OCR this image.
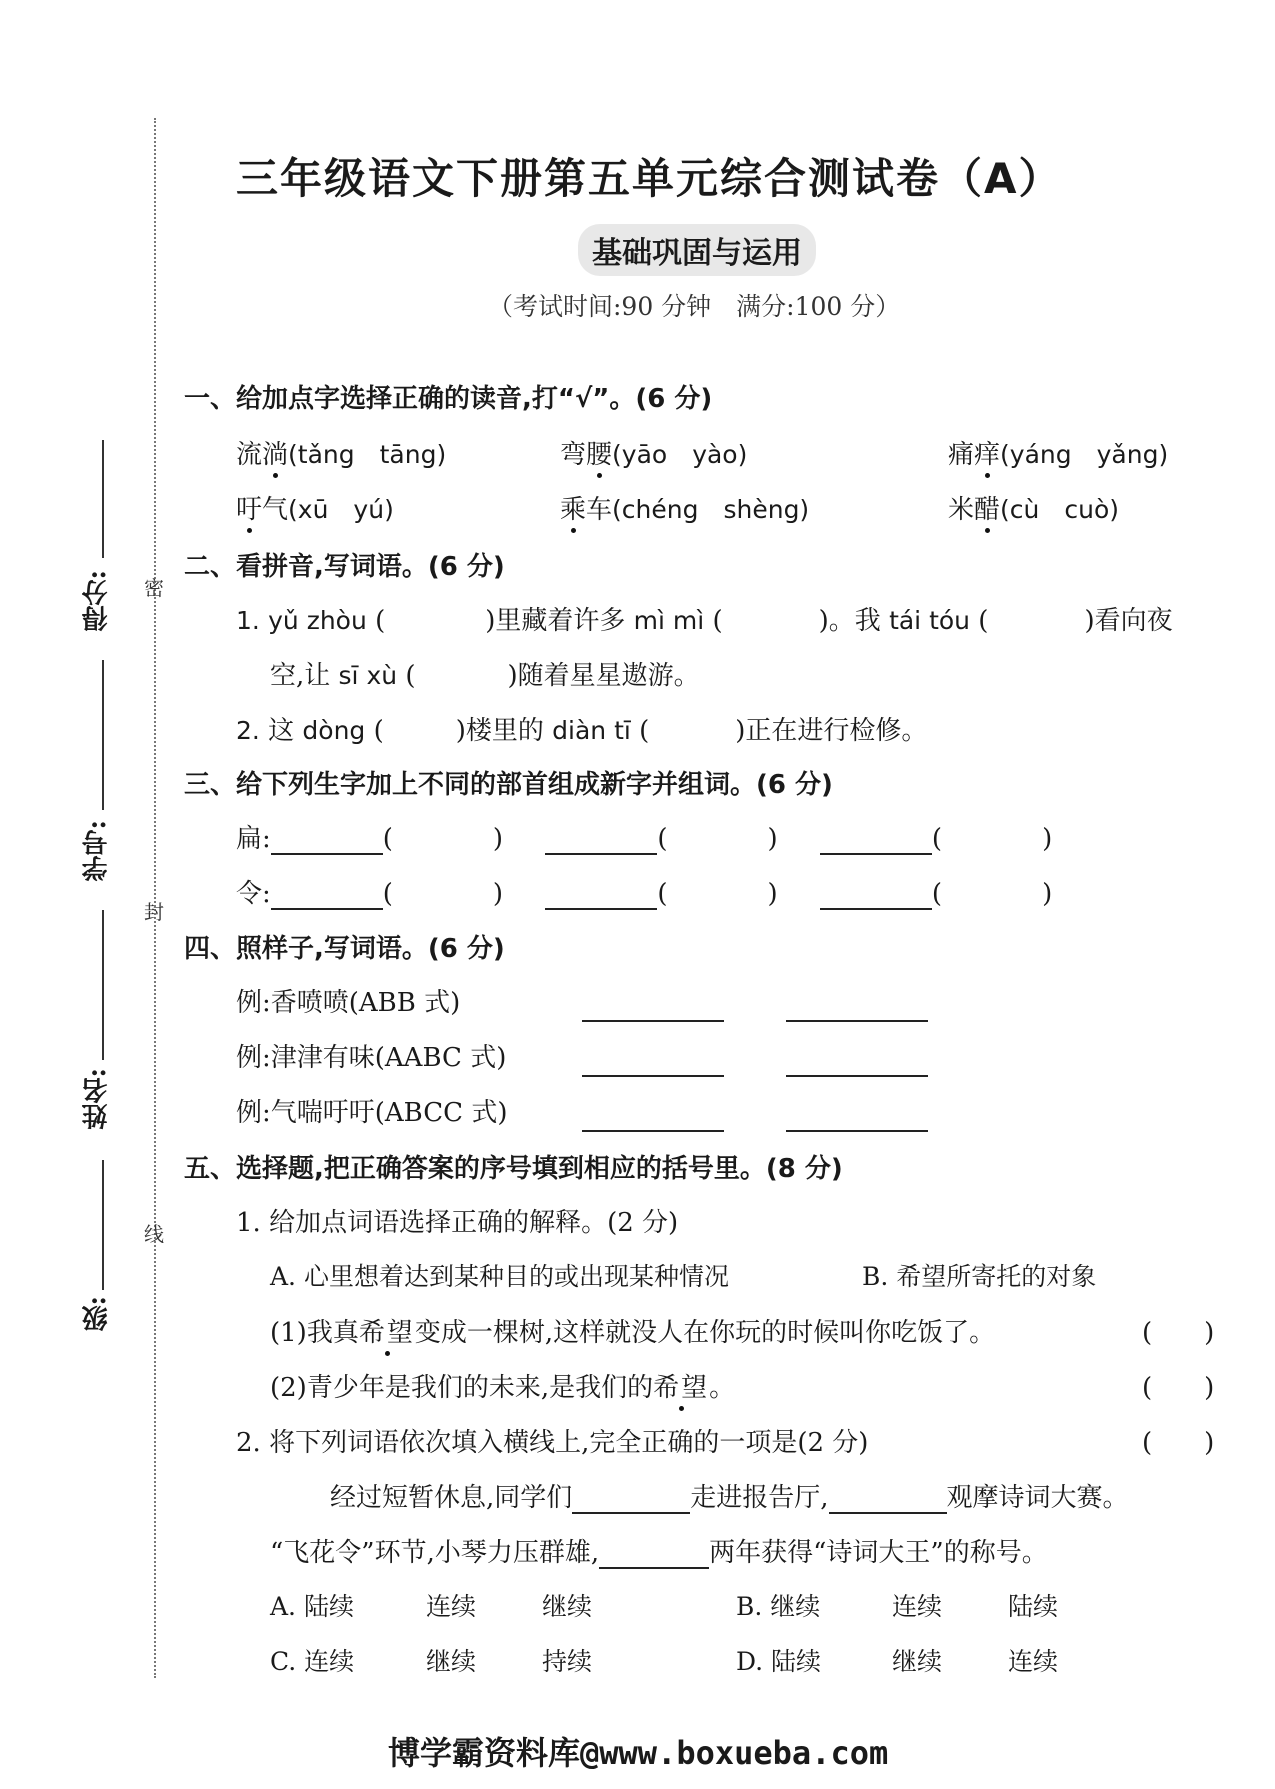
密
封
线
得分:
学号:
姓名:
级:
三年级语文下册第五单元综合测试卷（A）
基础巩固与运用
（考试时间:90 分钟　满分:100 分）
一、给加点字选择正确的读音,打“√”。(6 分)
流淌(tǎng　tāng)	弯腰(yāo　yào)	痛痒(yáng　yǎng)
吁气(xū　yú)	乘车(chéng　shèng)	米醋(cù　cuò)
二、看拼音,写词语。(6 分)
1. yǔ zhòu (	)里藏着许多 mì mì (	)。我 tái tóu (	)看向夜
空,让 sī xù (	)随着星星遨游。
2. 这 dòng (	)楼里的 diàn tī (	)正在进行检修。
三、给下列生字加上不同的部首组成新字并组词。(6 分)
扁:	(	)	(	)	(	)
令:	(	)	(	)	(	)
四、照样子,写词语。(6 分)
例:香喷喷(ABB 式)
例:津津有味(AABC 式)
例:气喘吁吁(ABCC 式)
五、选择题,把正确答案的序号填到相应的括号里。(8 分)
1. 给加点词语选择正确的解释。(2 分)
A. 心里想着达到某种目的或出现某种情况	B. 希望所寄托的对象
(1)我真希望变成一棵树,这样就没人在你玩的时候叫你吃饭了。	(　　)
(2)青少年是我们的未来,是我们的希望。	(　　)
2. 将下列词语依次填入横线上,完全正确的一项是(2 分)	(　　)
经过短暂休息,同学们	走进报告厅,	观摩诗词大赛。
“飞花令”环节,小琴力压群雄,	两年获得“诗词大王”的称号。
A. 陆续	连续	继续	B. 继续	连续	陆续
C. 连续	继续	持续	D. 陆续	继续	连续
博学霸资料库@www.boxueba.com
